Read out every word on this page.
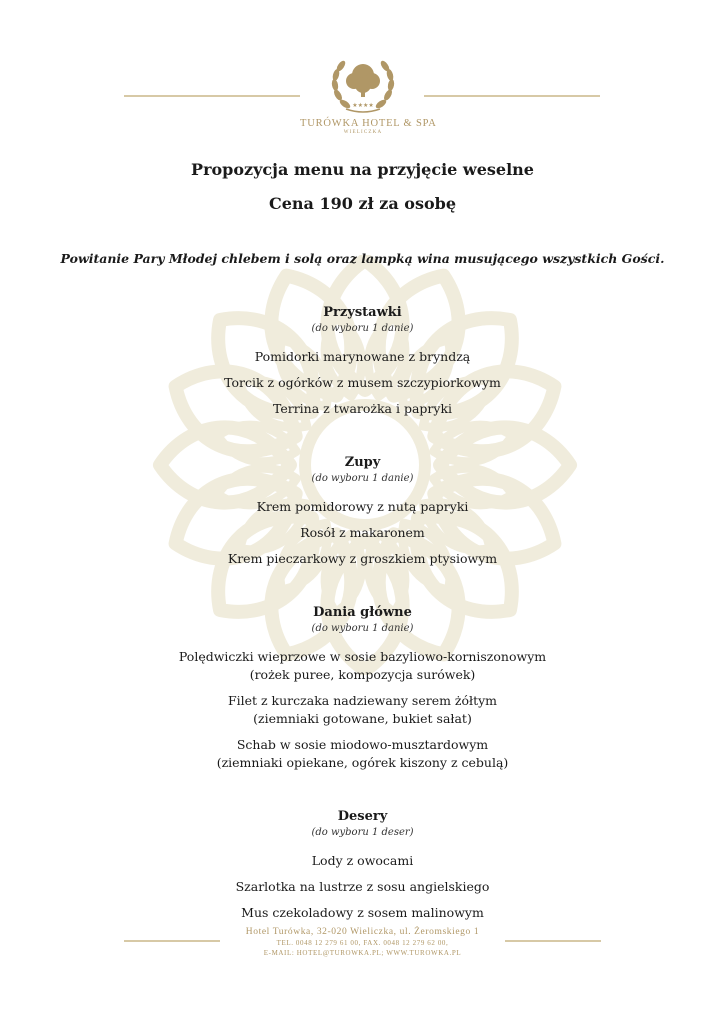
★★★★
TURÓWKA HOTEL & SPA
WIELICZKA

Propozycja menu na przyjęcie weselne

Cena 190 zł za osobę

Powitanie Pary Młodej chlebem i solą oraz lampką wina musującego wszystkich Gości.

Przystawki

(do wyboru 1 danie)

Pomidorki marynowane z bryndzą

Torcik z ogórków z musem szczypiorkowym

Terrina z twarożka i papryki

Zupy

(do wyboru 1 danie)

Krem pomidorowy z nutą papryki

Rosół z makaronem

Krem pieczarkowy z groszkiem ptysiowym

Dania główne

(do wyboru 1 danie)

Polędwiczki wieprzowe w sosie bazyliowo-korniszonowym
(rożek puree, kompozycja surówek)

Filet z kurczaka nadziewany serem żółtym
(ziemniaki gotowane, bukiet sałat)

Schab w sosie miodowo-musztardowym
(ziemniaki opiekane, ogórek kiszony z cebulą)

Desery

(do wyboru 1 deser)

Lody z owocami

Szarlotka na lustrze z sosu angielskiego

Mus czekoladowy z sosem malinowym

Hotel Turówka, 32-020 Wieliczka, ul. Żeromskiego 1
TEL. 0048 12 279 61 00, FAX. 0048 12 279 62 00,
E-MAIL: HOTEL@TUROWKA.PL; WWW.TUROWKA.PL
